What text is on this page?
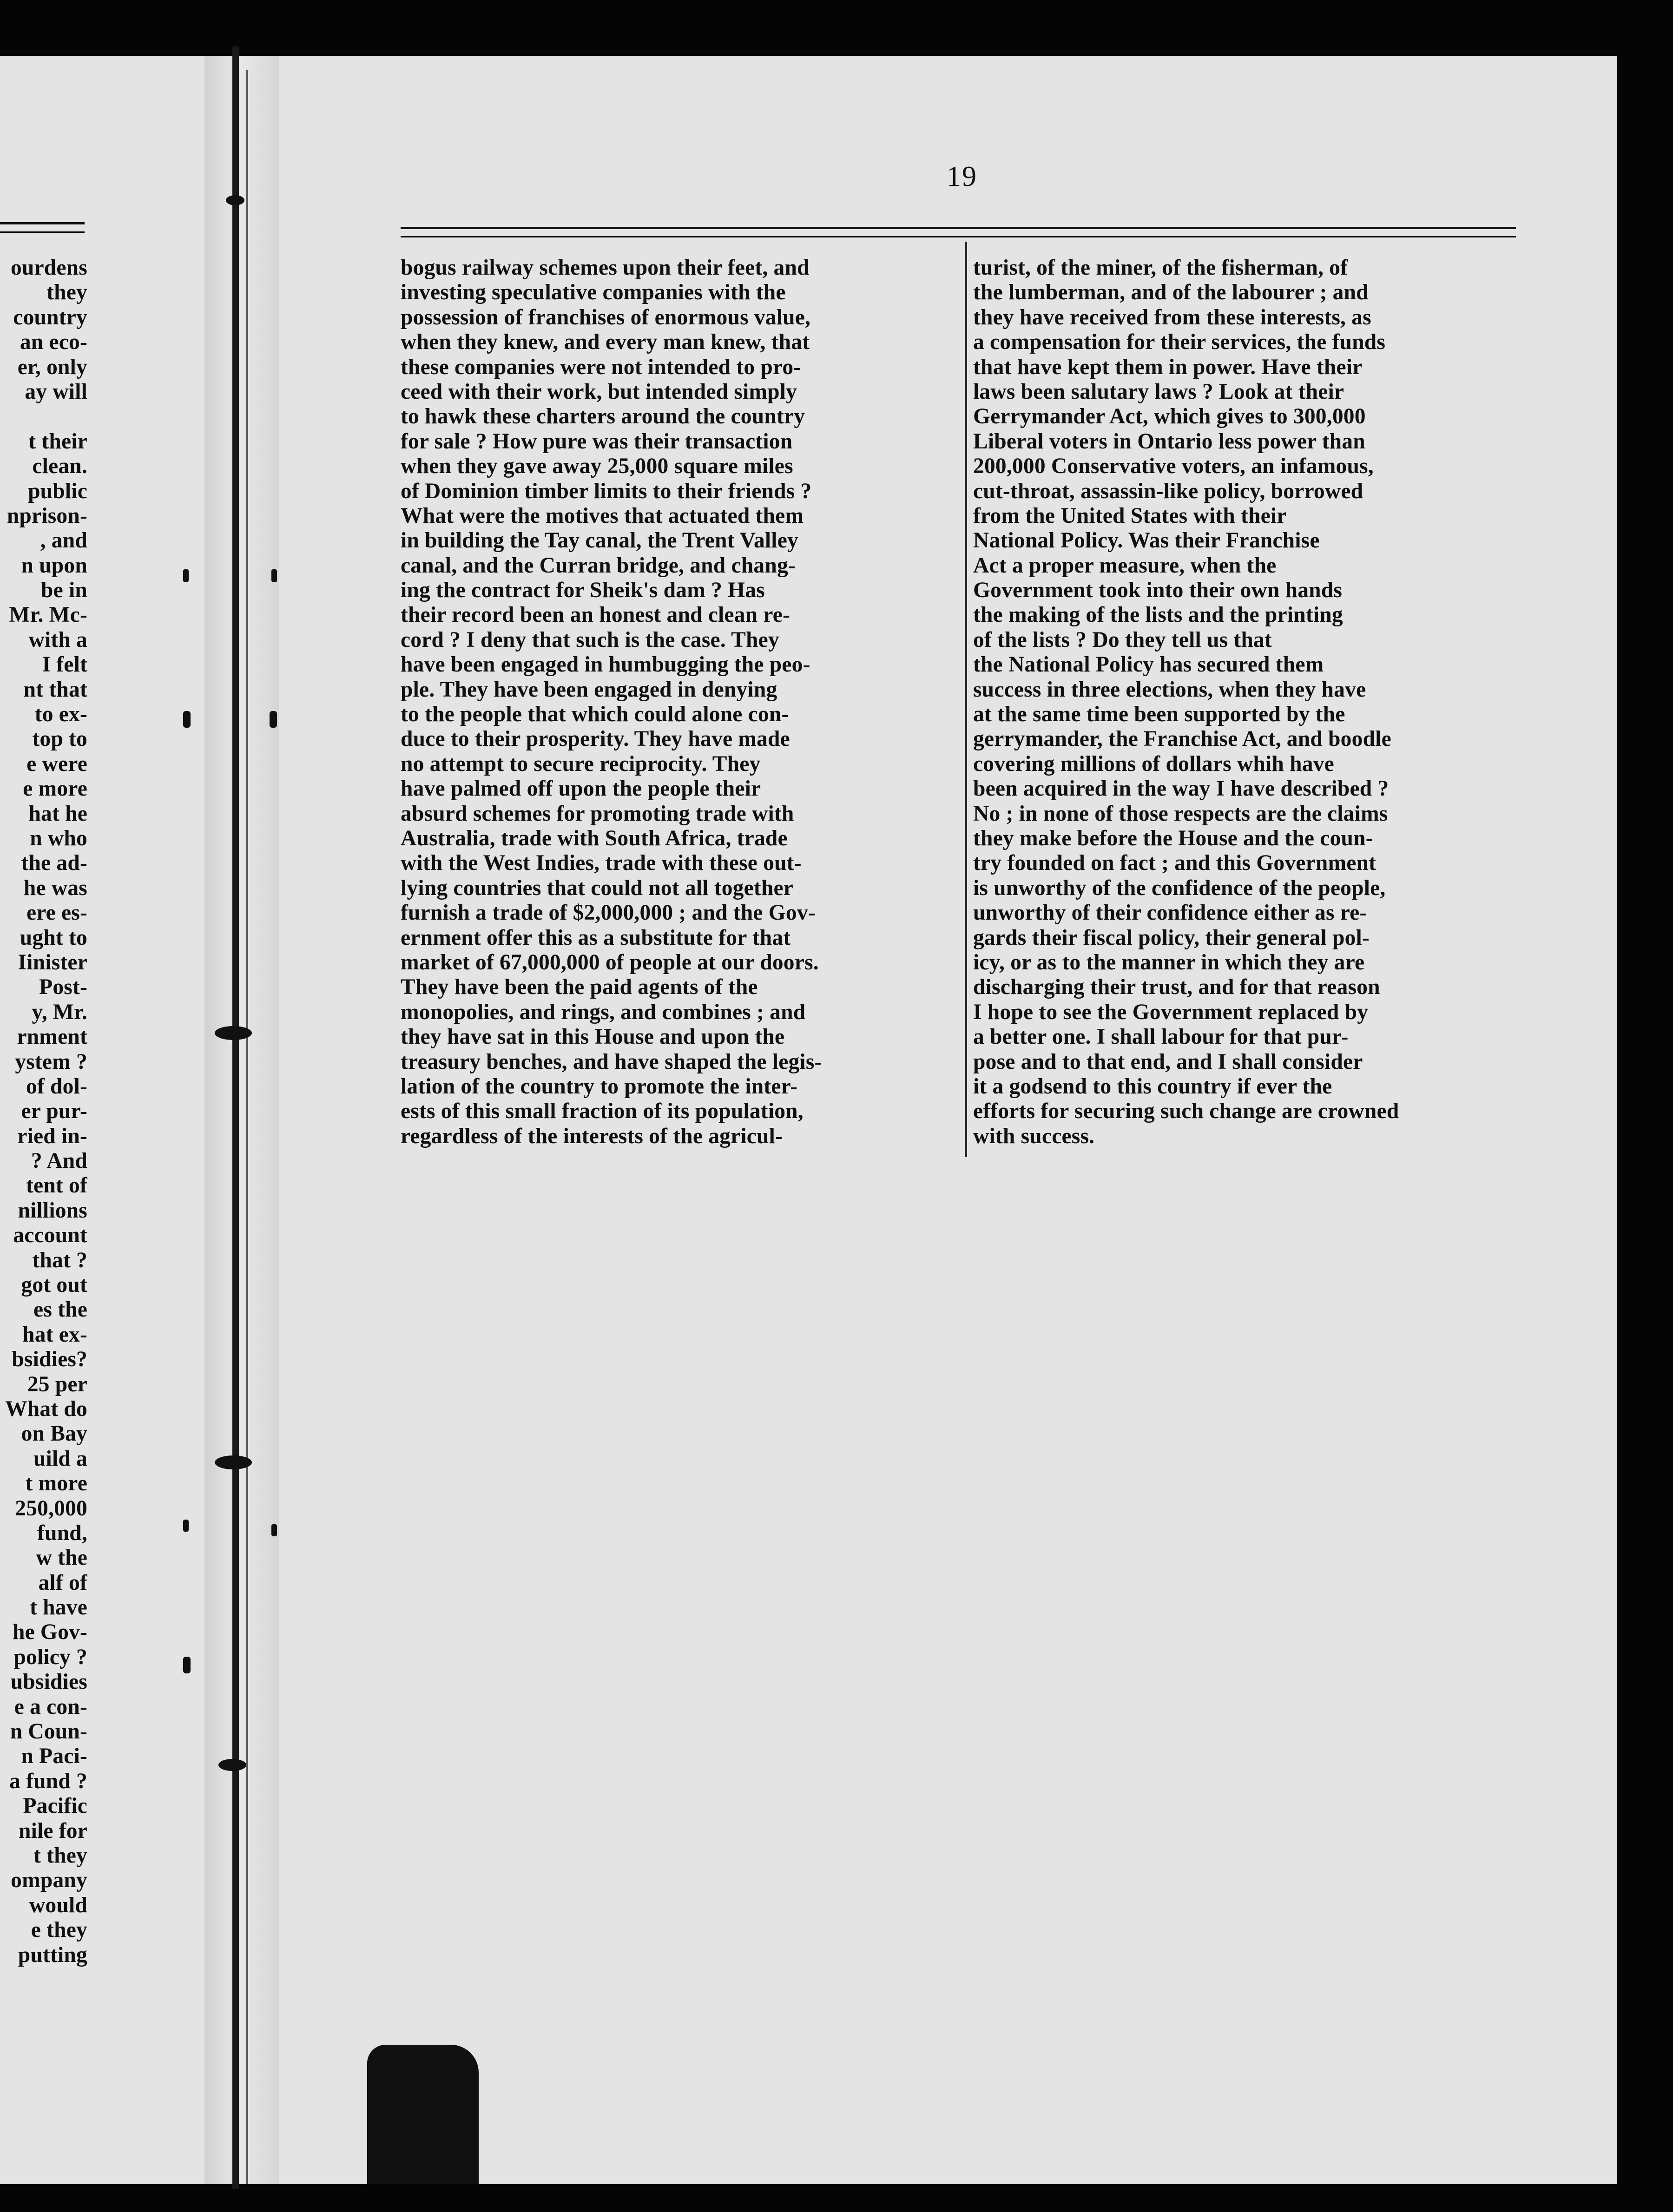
19
ourdens
they
country
an eco-
er, only
ay will
t their
clean.
public
nprison-
, and
n upon
be in
Mr. Mc-
with a
I felt
nt that
to ex-
top to
e were
e more
hat he
n who
the ad-
he was
ere es-
ught to
Iinister
Post-
y, Mr.
rnment
ystem ?
of dol-
er pur-
ried in-
? And
tent of
nillions
account
that ?
got out
es the
hat ex-
bsidies?
25 per
What do
on Bay
uild a
t more
250,000
fund,
w the
alf of
t have
he Gov-
policy ?
ubsidies
e a con-
n Coun-
n Paci-
a fund ?
Pacific
nile for
t they
ompany
would
e they
putting
bogus railway schemes upon their feet, and
investing speculative companies with the
possession of franchises of enormous value,
when they knew, and every man knew, that
these companies were not intended to pro-
ceed with their work, but intended simply
to hawk these charters around the country
for sale ? How pure was their transaction
when they gave away 25,000 square miles
of Dominion timber limits to their friends ?
What were the motives that actuated them
in building the Tay canal, the Trent Valley
canal, and the Curran bridge, and chang-
ing the contract for Sheik's dam ? Has
their record been an honest and clean re-
cord ? I deny that such is the case. They
have been engaged in humbugging the peo-
ple. They have been engaged in denying
to the people that which could alone con-
duce to their prosperity. They have made
no attempt to secure reciprocity. They
have palmed off upon the people their
absurd schemes for promoting trade with
Australia, trade with South Africa, trade
with the West Indies, trade with these out-
lying countries that could not all together
furnish a trade of $2,000,000 ; and the Gov-
ernment offer this as a substitute for that
market of 67,000,000 of people at our doors.
They have been the paid agents of the
monopolies, and rings, and combines ; and
they have sat in this House and upon the
treasury benches, and have shaped the legis-
lation of the country to promote the inter-
ests of this small fraction of its population,
regardless of the interests of the agricul-
turist, of the miner, of the fisherman, of
the lumberman, and of the labourer ; and
they have received from these interests, as
a compensation for their services, the funds
that have kept them in power. Have their
laws been salutary laws ? Look at their
Gerrymander Act, which gives to 300,000
Liberal voters in Ontario less power than
200,000 Conservative voters, an infamous,
cut-throat, assassin-like policy, borrowed
from the United States with their
National Policy. Was their Franchise
Act a proper measure, when the
Government took into their own hands
the making of the lists and the printing
of the lists ? Do they tell us that
the National Policy has secured them
success in three elections, when they have
at the same time been supported by the
gerrymander, the Franchise Act, and boodle
covering millions of dollars whih have
been acquired in the way I have described ?
No ; in none of those respects are the claims
they make before the House and the coun-
try founded on fact ; and this Government
is unworthy of the confidence of the people,
unworthy of their confidence either as re-
gards their fiscal policy, their general pol-
icy, or as to the manner in which they are
discharging their trust, and for that reason
I hope to see the Government replaced by
a better one. I shall labour for that pur-
pose and to that end, and I shall consider
it a godsend to this country if ever the
efforts for securing such change are crowned
with success.
